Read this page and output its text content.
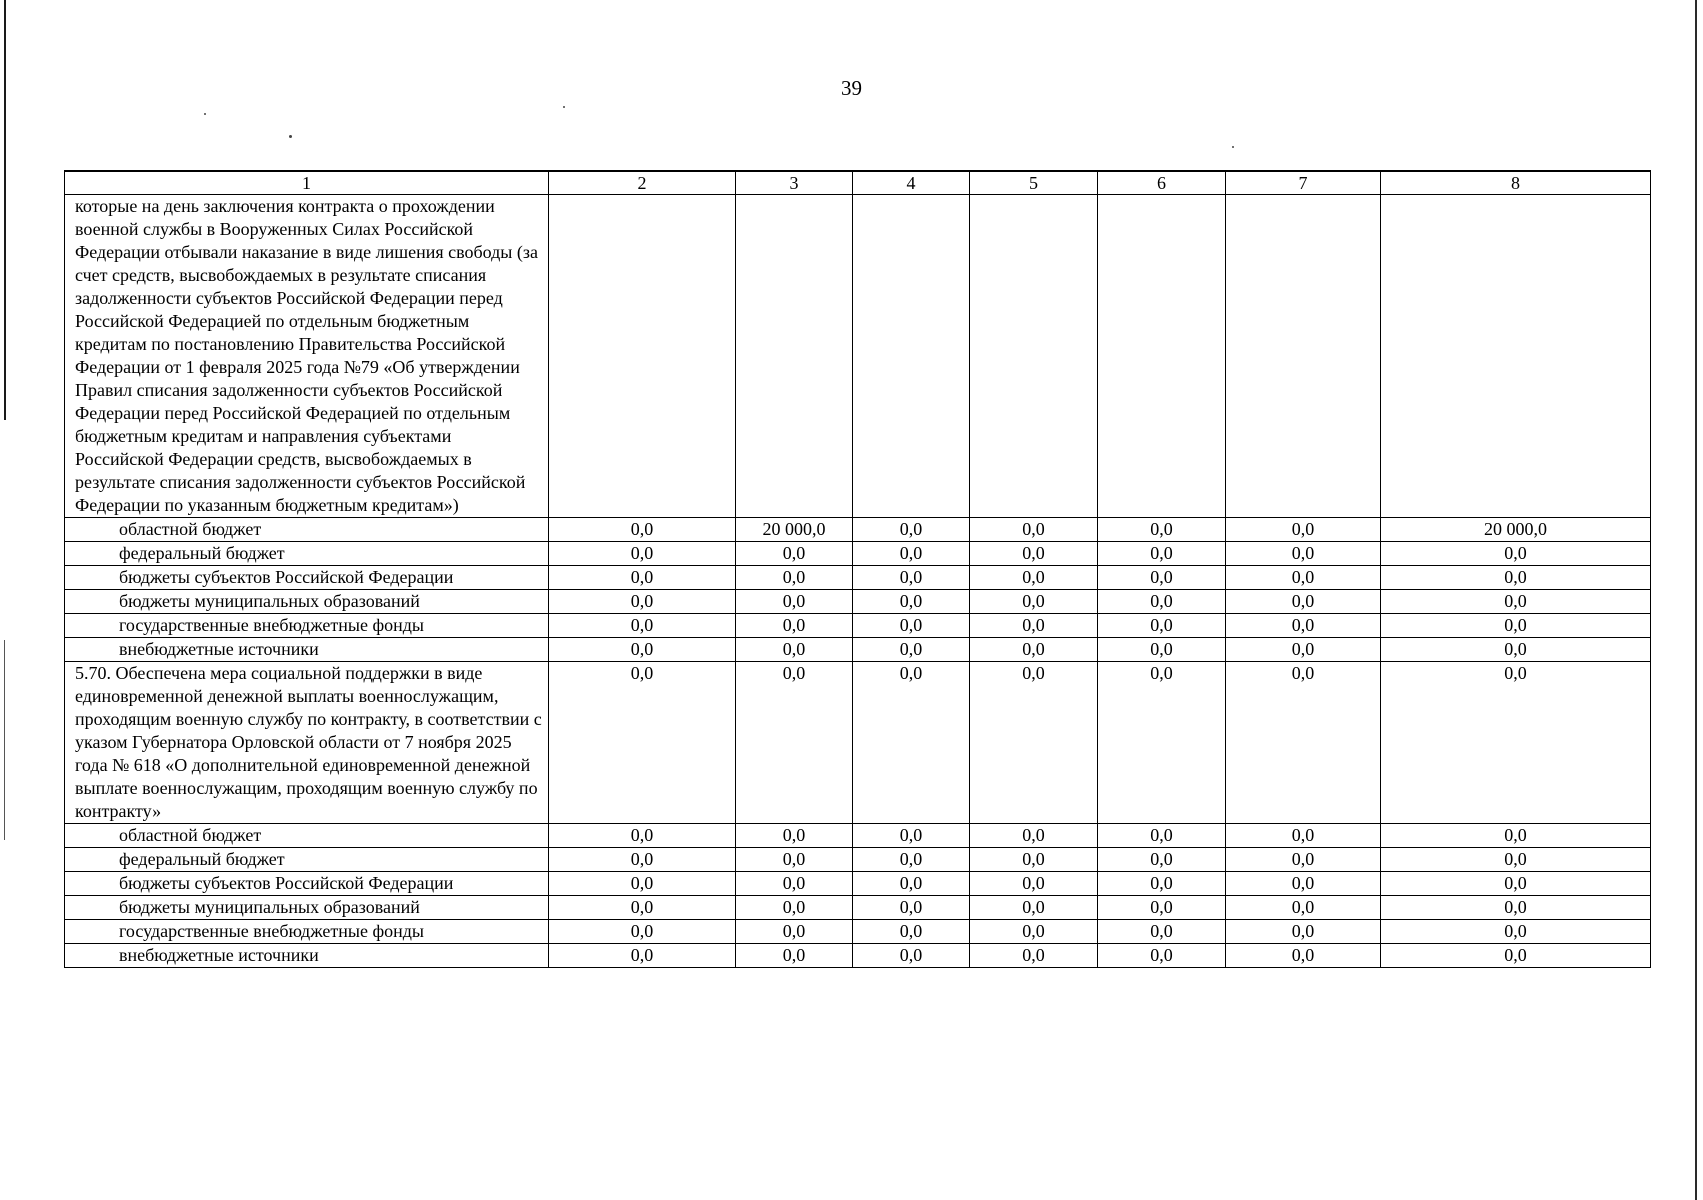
39
1	2	3	4	5	6	7	8
которые на день заключения контракта о прохождении военной службы в Вооруженных Силах Российской Федерации отбывали наказание в виде лишения свободы (за счет средств, высвобождаемых в результате списания задолженности субъектов Российской Федерации перед Российской Федерацией по отдельным бюджетным кредитам по постановлению Правительства Российской Федерации от 1 февраля 2025 года №79 «Об утверждении Правил списания задолженности субъектов Российской Федерации перед Российской Федерацией по отдельным бюджетным кредитам и направления субъектами Российской Федерации средств, высвобождаемых в результате списания задолженности субъектов Российской Федерации по указанным бюджетным кредитам»)							
областной бюджет	0,0	20 000,0	0,0	0,0	0,0	0,0	20 000,0
федеральный бюджет	0,0	0,0	0,0	0,0	0,0	0,0	0,0
бюджеты субъектов Российской Федерации	0,0	0,0	0,0	0,0	0,0	0,0	0,0
бюджеты муниципальных образований	0,0	0,0	0,0	0,0	0,0	0,0	0,0
государственные внебюджетные фонды	0,0	0,0	0,0	0,0	0,0	0,0	0,0
внебюджетные источники	0,0	0,0	0,0	0,0	0,0	0,0	0,0
5.70. Обеспечена мера социальной поддержки в виде единовременной денежной выплаты военнослужащим, проходящим военную службу по контракту, в соответствии с указом Губернатора Орловской области от 7 ноября 2025 года № 618 «О дополнительной единовременной денежной выплате военнослужащим, проходящим военную службу по контракту»	0,0	0,0	0,0	0,0	0,0	0,0	0,0
областной бюджет	0,0	0,0	0,0	0,0	0,0	0,0	0,0
федеральный бюджет	0,0	0,0	0,0	0,0	0,0	0,0	0,0
бюджеты субъектов Российской Федерации	0,0	0,0	0,0	0,0	0,0	0,0	0,0
бюджеты муниципальных образований	0,0	0,0	0,0	0,0	0,0	0,0	0,0
государственные внебюджетные фонды	0,0	0,0	0,0	0,0	0,0	0,0	0,0
внебюджетные источники	0,0	0,0	0,0	0,0	0,0	0,0	0,0
